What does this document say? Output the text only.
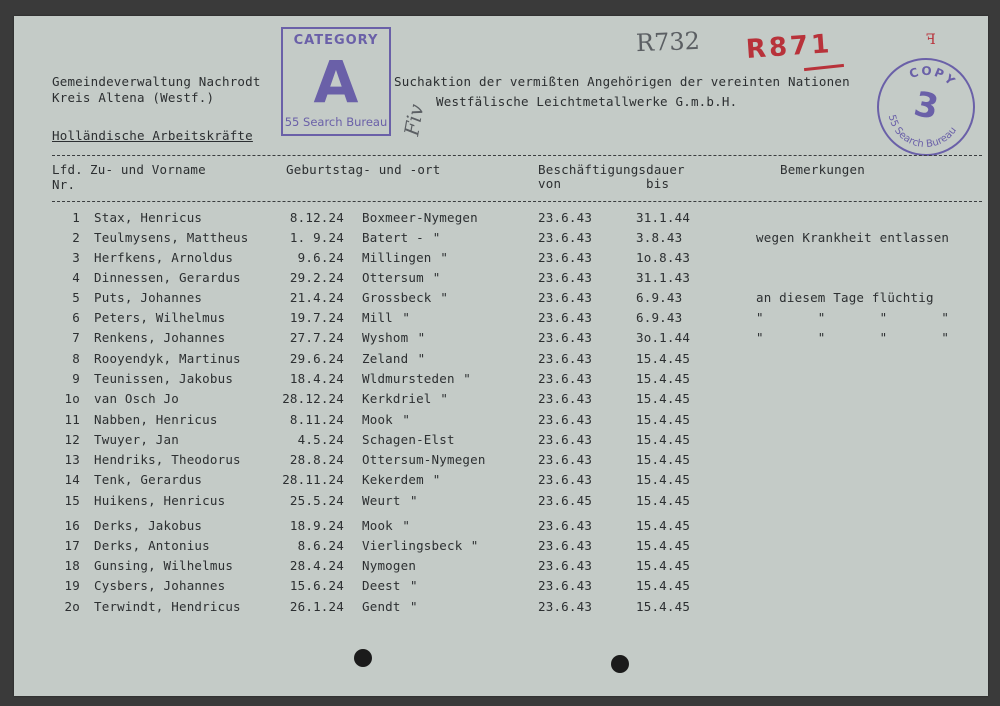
R732 R871	ꟻ
Fiv
Gemeindeverwaltung Nachrodt
Kreis Altena (Westf.)
Holländische Arbeitskräfte
Suchaktion der vermißten Angehörigen der vereinten Nationen
Westfälische Leichtmetallwerke G.m.b.H.
CATEGORY
A
55 Search Bureau
COPY
55 Search Bureau
3
Lfd.
Nr.
Zu- und Vorname	Geburtstag- und -ort	Beschäftigungsdauer
von	bis
Bemerkungen
1 Stax, Henricus	8.12.24 Boxmeer-Nymegen	23.6.43	31.1.44
2 Teulmysens, Mattheus	1. 9.24 Batert - "	23.6.43	3.8.43	wegen Krankheit entlassen
3 Herfkens, Arnoldus	9.6.24 Millingen "	23.6.43	1o.8.43
4 Dinnessen, Gerardus	29.2.24 Ottersum "	23.6.43	31.1.43
5 Puts, Johannes	21.4.24 Grossbeck "	23.6.43	6.9.43	an diesem Tage flüchtig
6 Peters, Wilhelmus	19.7.24 Mill "	23.6.43	6.9.43	"       "       "       "
7 Renkens, Johannes	27.7.24 Wyshom "	23.6.43	3o.1.44	"       "       "       "
8 Rooyendyk, Martinus	29.6.24 Zeland "	23.6.43	15.4.45
9 Teunissen, Jakobus	18.4.24 Wldmursteden "	23.6.43	15.4.45
1o van Osch Jo	28.12.24 Kerkdriel "	23.6.43	15.4.45
11 Nabben, Henricus	8.11.24 Mook "	23.6.43	15.4.45
12 Twuyer, Jan	4.5.24 Schagen-Elst	23.6.43	15.4.45
13 Hendriks, Theodorus	28.8.24 Ottersum-Nymegen	23.6.43	15.4.45
14 Tenk, Gerardus	28.11.24 Kekerdem "	23.6.43	15.4.45
15 Huikens, Henricus	25.5.24 Weurt "	23.6.45	15.4.45
16 Derks, Jakobus	18.9.24 Mook "	23.6.43	15.4.45
17 Derks, Antonius	8.6.24 Vierlingsbeck "	23.6.43	15.4.45
18 Gunsing, Wilhelmus	28.4.24 Nymogen	23.6.43	15.4.45
19 Cysbers, Johannes	15.6.24 Deest "	23.6.43	15.4.45
2o Terwindt, Hendricus	26.1.24 Gendt "	23.6.43	15.4.45
